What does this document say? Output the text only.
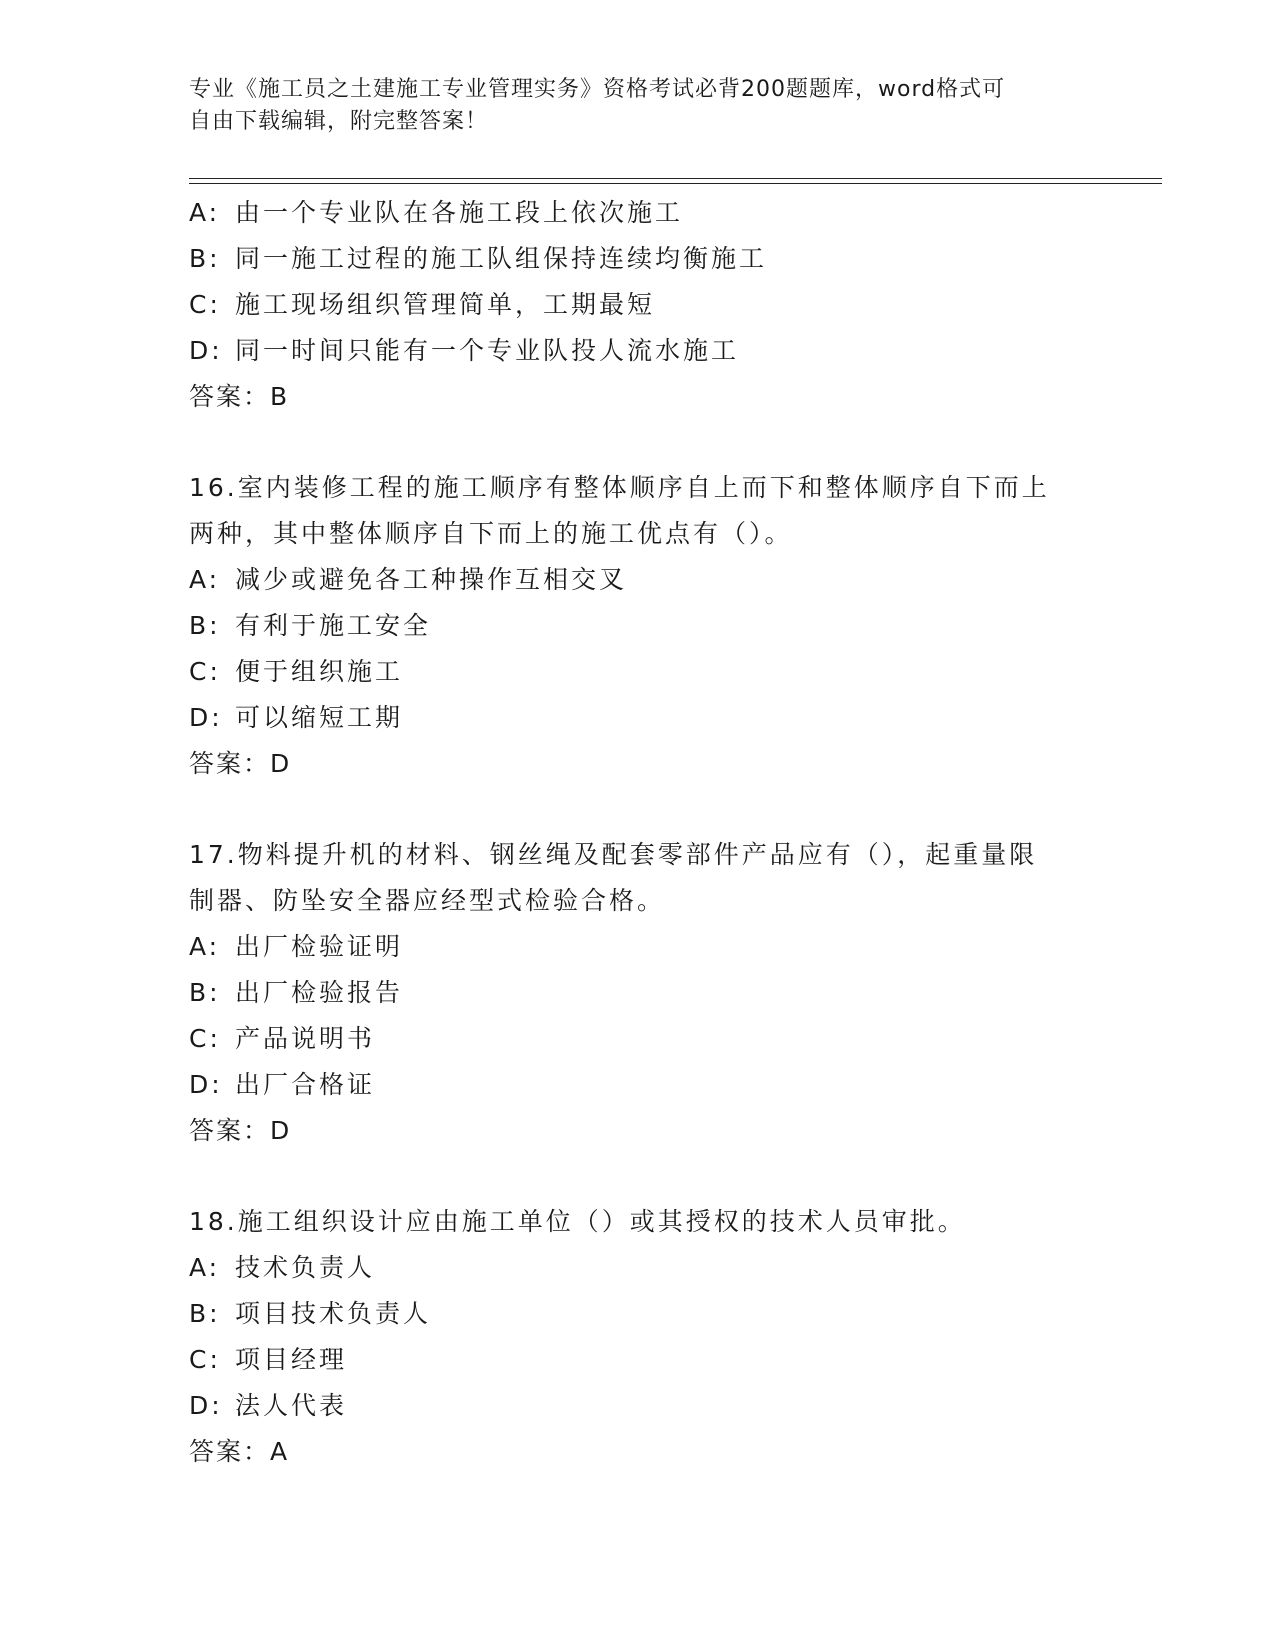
专业《施工员之土建施工专业管理实务》资格考试必背200题题库，word格式可
自由下载编辑，附完整答案！
A: 由一个专业队在各施工段上依次施工
B: 同一施工过程的施工队组保持连续均衡施工
C: 施工现场组织管理简单，工期最短
D: 同一时间只能有一个专业队投人流水施工
答案：B
16.室内装修工程的施工顺序有整体顺序自上而下和整体顺序自下而上
两种，其中整体顺序自下而上的施工优点有（）。
A: 减少或避免各工种操作互相交叉
B: 有利于施工安全
C: 便于组织施工
D: 可以缩短工期
答案：D
17.物料提升机的材料、钢丝绳及配套零部件产品应有（），起重量限
制器、防坠安全器应经型式检验合格。
A: 出厂检验证明
B: 出厂检验报告
C: 产品说明书
D: 出厂合格证
答案：D
18.施工组织设计应由施工单位（）或其授权的技术人员审批。
A: 技术负责人
B: 项目技术负责人
C: 项目经理
D: 法人代表
答案：A
